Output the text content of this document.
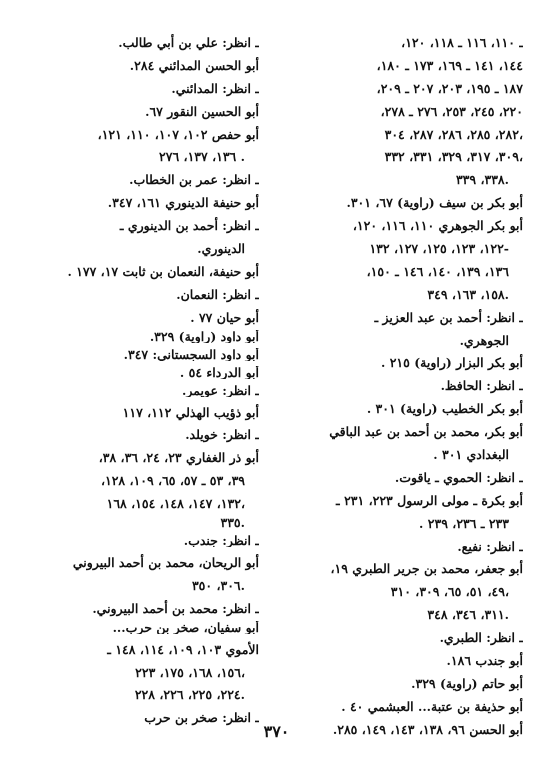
ـ ١١٠، ١١٦ ـ ١١٨، ١٢٠،
١٤٤، ١٤١ ـ ١٦٩، ١٧٣ ـ ١٨٠،
١٨٧ ـ ١٩٥، ٢٠٣، ٢٠٧ ـ ٢٠٩،
٢٢٠، ٢٤٥، ٢٥٣، ٢٧٦ ـ ٢٧٨،
٢٨٢، ٢٨٥، ٢٨٦، ٢٨٧، ٣٠٤،
٣٠٩، ٣١٧، ٣٢٩، ٣٣١، ٣٣٢،
٣٣٨، ٣٣٩.
أبو بكر بن سيف (راوية) ٦٧، ٣٠١.
أبو بكر الجوهري ١١٠، ١١٦، ١٢٠،
١٢٢، ١٢٣، ١٢٥، ١٢٧، ١٣٢-
١٣٦، ١٣٩، ١٤٠، ١٤٦ ـ ١٥٠،
١٥٨، ١٦٣، ٣٤٩.
ـ انظر: أحمد بن عبد العزيز ـ
الجوهري.
أبو بكر البزار (راوية) ٢١٥ .
ـ انظر: الحافظ.
أبو بكر الخطيب (راوية) ٣٠١ .
أبو بكر، محمد بن أحمد بن عبد الباقي
البغدادي ٣٠١ .
ـ انظر: الحموي ـ ياقوت.
أبو بكرة ـ مولى الرسول ٢٢٣، ٢٣١ ـ
٢٣٣ ـ ٢٣٦، ٢٣٩ .
ـ انظر: نفيع.
أبو جعفر، محمد بن جرير الطبري ١٩،
٤٩، ٥١، ٦٥، ٣٠٩، ٣١٠،
٣١١، ٣٤٦، ٣٤٨.
ـ انظر: الطبري.
أبو جندب ١٨٦.
أبو حاتم (راوية) ٣٢٩.
أبو حذيفة بن عتبة... العبشمي ٤٠ .
أبو الحسن ٩٦، ١٣٨، ١٤٣، ١٤٩، ٢٨٥.
ـ انظر: علي بن أبي طالب.
أبو الحسن المدائني ٢٨٤.
ـ انظر: المدائني.
أبو الحسين النقور ٦٧.
أبو حفص ١٠٢، ١٠٧، ١١٠، ١٢١،
١٣٦، ١٣٧، ٢٧٦ .
ـ انظر: عمر بن الخطاب.
أبو حنيفة الدينوري ١٦١، ٣٤٧.
ـ انظر: أحمد بن الدينوري ـ
الدينوري.
أبو حنيفة، النعمان بن ثابت ١٧، ١٧٧ .
ـ انظر: النعمان.
أبو حيان ٧٧ .
أبو داود (راوية) ٣٢٩.
أبو داود السجستاني: ٣٤٧.
أبو الدرداء ٥٤ .
ـ انظر: عويمر.
أبو ذؤيب الهذلي ١١٢، ١١٧
ـ انظر: خويلد.
أبو ذر الغفاري ٢٣، ٢٤، ٣٦، ٣٨،
٣٩، ٥٣ ـ ٥٧، ٦٥، ١٠٩، ١٢٨،
١٣٢، ١٤٧، ١٤٨، ١٥٤، ١٦٨،
٣٣٥.
ـ انظر: جندب.
أبو الريحان، محمد بن أحمد البيروني
٣٠٦، ٣٥٠.
ـ انظر: محمد بن أحمد البيروني.
أبو سفيان، صخر بن حرب...
الأموي ١٠٣، ١٠٩، ١١٤، ١٤٨ ـ
١٥٦، ١٦٨، ١٧٥، ٢٢٣،
٢٢٤، ٢٢٥، ٢٢٦، ٢٢٨.
ـ انظر: صخر بن حرب
٣٧٠
